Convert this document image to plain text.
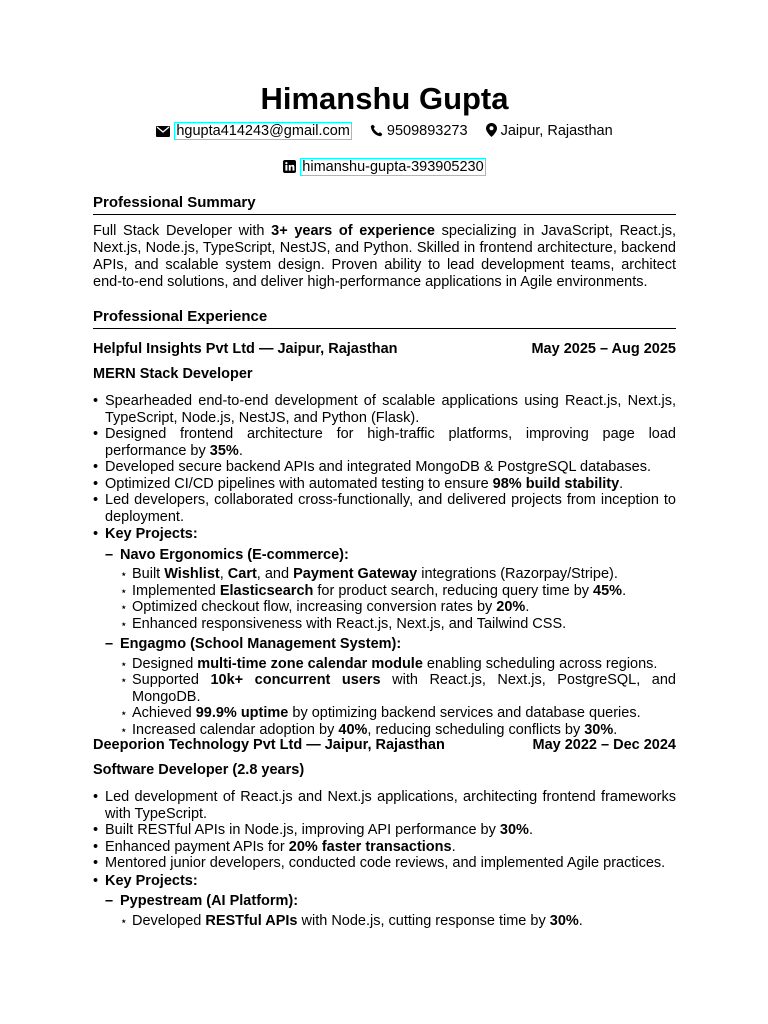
Himanshu Gupta
hgupta414243@gmail.com	9509893273 Jaipur, Rajasthan
himanshu-gupta-393905230
Professional Summary
Full Stack Developer with 3+ years of experience specializing in JavaScript, React.js, Next.js, Node.js, TypeScript, NestJS, and Python. Skilled in frontend architecture, backend APIs, and scalable system design. Proven ability to lead development teams, architect end-to-end solutions, and deliver high-performance applications in Agile environments.
Professional Experience
Helpful Insights Pvt Ltd — Jaipur, Rajasthan	May 2025 – Aug 2025
MERN Stack Developer
• Spearheaded end-to-end development of scalable applications using React.js, Next.js, TypeScript, Node.js, NestJS, and Python (Flask).
• Designed frontend architecture for high-traffic platforms, improving page load performance by 35%.
• Developed secure backend APIs and integrated MongoDB & PostgreSQL databases.
• Optimized CI/CD pipelines with automated testing to ensure 98% build stability.
• Led developers, collaborated cross-functionally, and delivered projects from inception to deployment.
• Key Projects:
– Navo Ergonomics (E-commerce):
⋆ Built Wishlist, Cart, and Payment Gateway integrations (Razorpay/Stripe).
⋆ Implemented Elasticsearch for product search, reducing query time by 45%.
⋆ Optimized checkout flow, increasing conversion rates by 20%.
⋆ Enhanced responsiveness with React.js, Next.js, and Tailwind CSS.
– Engagmo (School Management System):
⋆ Designed multi-time zone calendar module enabling scheduling across regions.
⋆ Supported 10k+ concurrent users with React.js, Next.js, PostgreSQL, and MongoDB.
⋆ Achieved 99.9% uptime by optimizing backend services and database queries.
⋆ Increased calendar adoption by 40%, reducing scheduling conflicts by 30%.
Deeporion Technology Pvt Ltd — Jaipur, Rajasthan	May 2022 – Dec 2024
Software Developer (2.8 years)
• Led development of React.js and Next.js applications, architecting frontend frameworks with TypeScript.
• Built RESTful APIs in Node.js, improving API performance by 30%.
• Enhanced payment APIs for 20% faster transactions.
• Mentored junior developers, conducted code reviews, and implemented Agile practices.
• Key Projects:
– Pypestream (AI Platform):
⋆ Developed RESTful APIs with Node.js, cutting response time by 30%.
